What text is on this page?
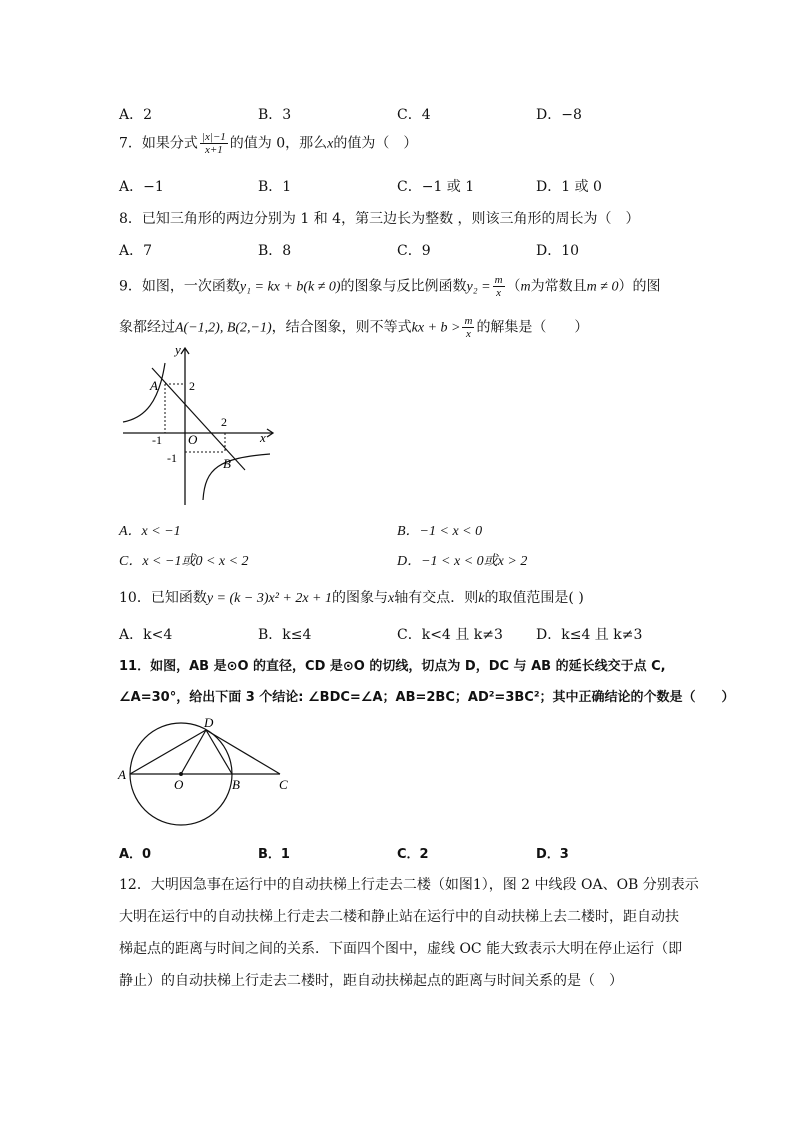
A．2	B．3	C．4	D．−8
7．如果分式 $\frac{|x|-1}{x+1}$ 的值为 0，那么x的值为（　）
A．−1	B．1	C．−1 或 1	D．1 或 0
8．已知三角形的两边分别为 1 和 4，第三边长为整数 ，则该三角形的周长为（　）
A．7	B．8	C．9	D．10
9．如图，一次函数y₁ = kx + b(k ≠ 0)的图象与反比例函数$y_2 = \frac{m}{x} (m$为常数且m ≠ 0）的图
象都经过A(−1,2), B(2,−1)，结合图象，则不等式kx + $b > \frac{m}{x}$ 的解集是（　　）
y
x
A
B
O
2
2
-1
-1
A．x < −1	B．−1 < x < 0
C．x < −1或0 < x < 2	D．−1 < x < 0或x > 2
10．已知函数y = (k − 3)x² + 2x + 1的图象与x轴有交点．则k的取值范围是( )
A．k<4	B．k≤4	C．k<4 且 k≠3 D．k≤4 且 k≠3
11．如图，AB 是⊙O 的直径，CD 是⊙O 的切线，切点为 D，DC 与 AB 的延长线交于点 C,
∠A=30°，给出下面 3 个结论: ∠BDC=∠A；AB=2BC；AD²=3BC²；其中正确结论的个数是（　　）
A
B	C
D
O
A．0	B．1	C．2	D．3
12．大明因急事在运行中的自动扶梯上行走去二楼（如图1），图 2 中线段 OA、OB 分别表示
大明在运行中的自动扶梯上行走去二楼和静止站在运行中的自动扶梯上去二楼时，距自动扶
梯起点的距离与时间之间的关系．下面四个图中，虚线 OC 能大致表示大明在停止运行（即
静止）的自动扶梯上行走去二楼时，距自动扶梯起点的距离与时间关系的是（　）
